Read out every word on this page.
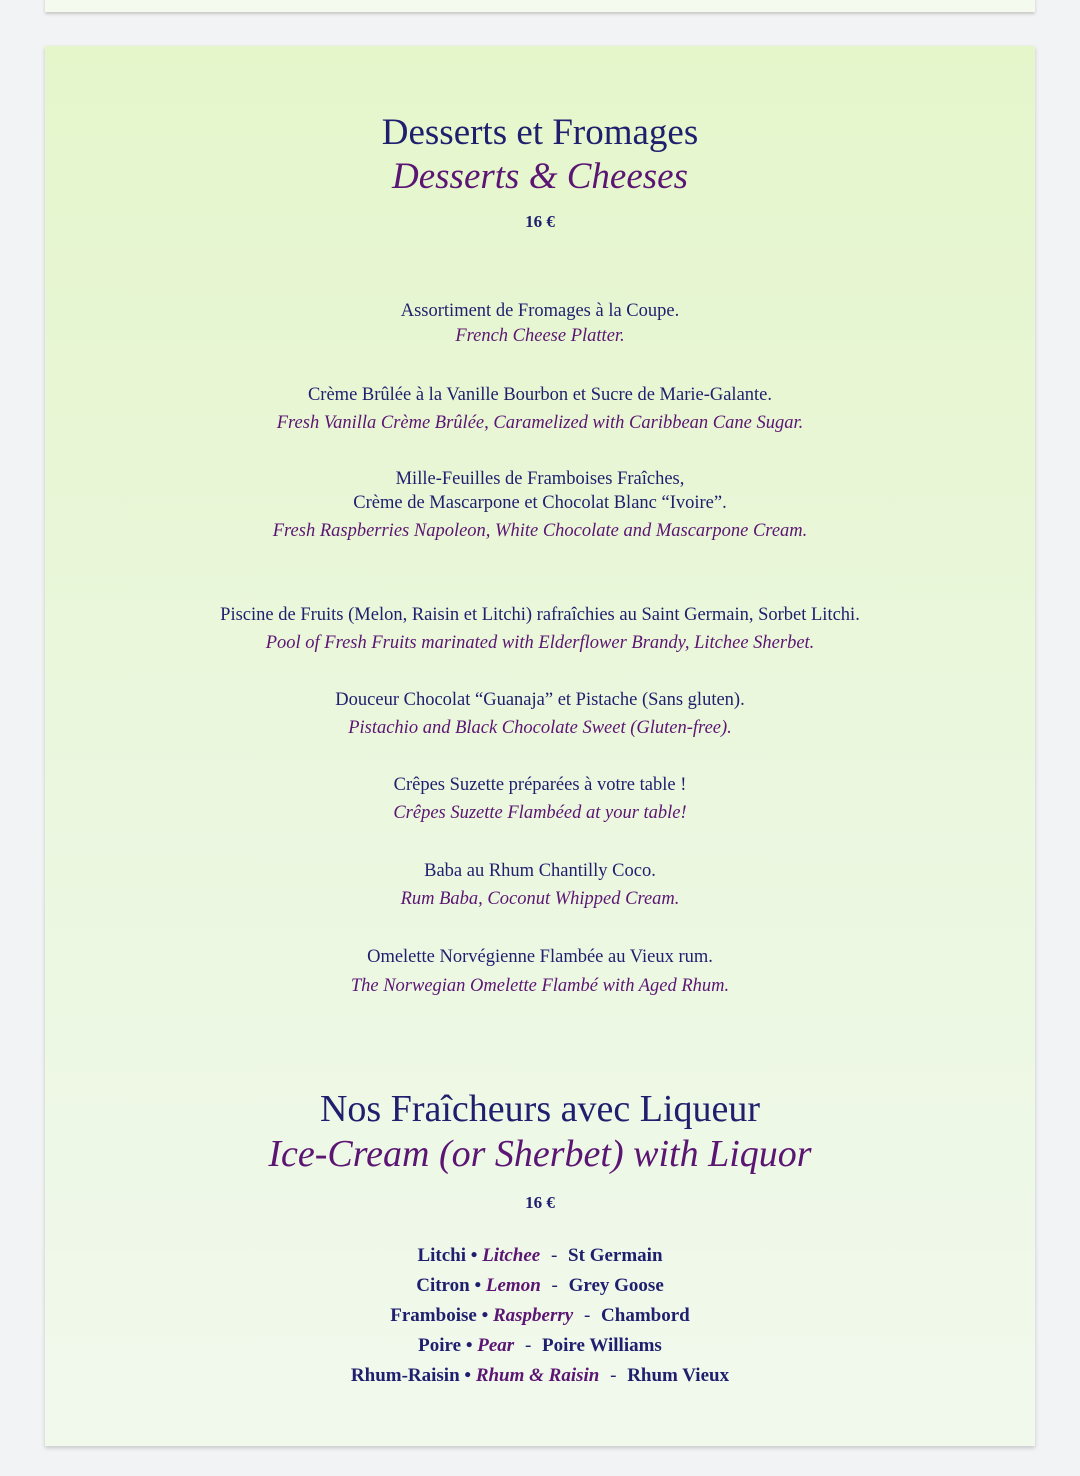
Desserts et Fromages
Desserts & Cheeses
16 €
Assortiment de Fromages à la Coupe.
French Cheese Platter.
Crème Brûlée à la Vanille Bourbon et Sucre de Marie-Galante.
Fresh Vanilla Crème Brûlée, Caramelized with Caribbean Cane Sugar.
Mille-Feuilles de Framboises Fraîches,
Crème de Mascarpone et Chocolat Blanc “Ivoire”.
Fresh Raspberries Napoleon, White Chocolate and Mascarpone Cream.
Piscine de Fruits (Melon, Raisin et Litchi) rafraîchies au Saint Germain, Sorbet Litchi.
Pool of Fresh Fruits marinated with Elderflower Brandy, Litchee Sherbet.
Douceur Chocolat “Guanaja” et Pistache (Sans gluten).
Pistachio and Black Chocolate Sweet (Gluten-free).
Crêpes Suzette préparées à votre table !
Crêpes Suzette Flambéed at your table!
Baba au Rhum Chantilly Coco.
Rum Baba, Coconut Whipped Cream.
Omelette Norvégienne Flambée au Vieux rum.
The Norwegian Omelette Flambé with Aged Rhum.
Nos Fraîcheurs avec Liqueur
Ice-Cream (or Sherbet) with Liquor
16 €
Litchi • Litchee - St Germain
Citron • Lemon - Grey Goose
Framboise • Raspberry - Chambord
Poire • Pear - Poire Williams
Rhum-Raisin • Rhum & Raisin - Rhum Vieux
